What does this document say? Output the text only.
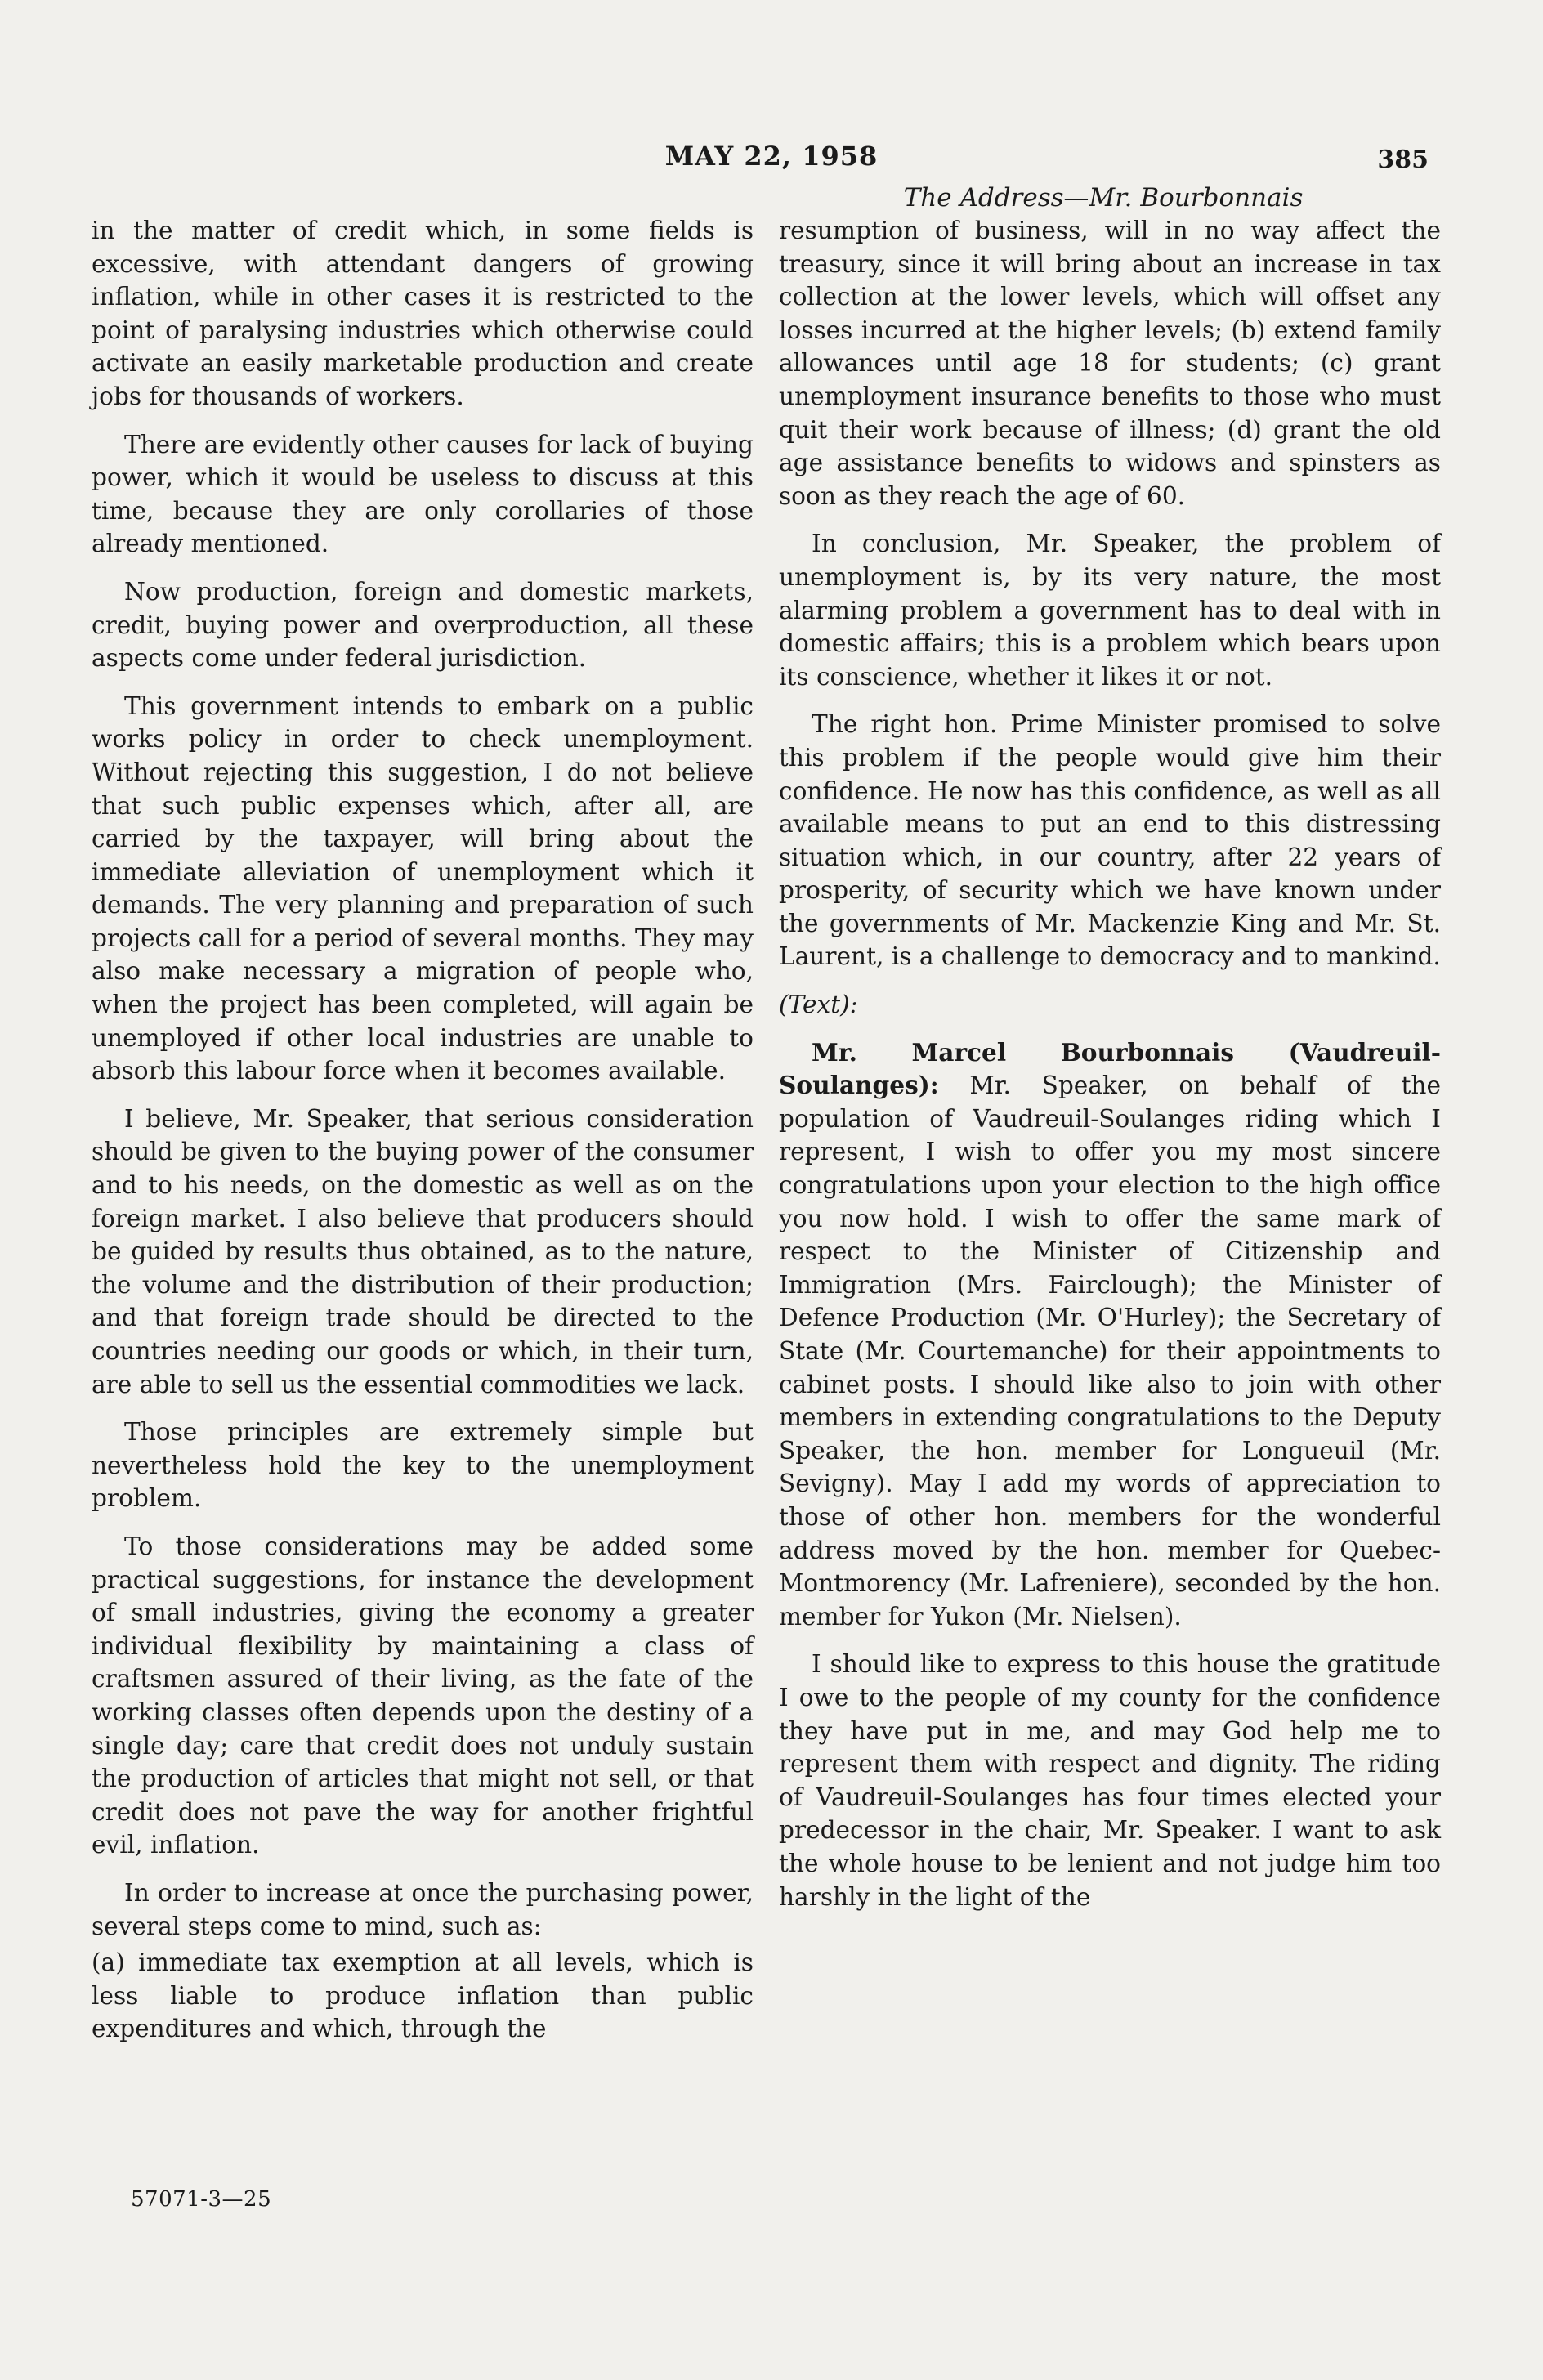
MAY 22, 1958	385
The Address—Mr. Bourbonnais

in the matter of credit which, in some fields is excessive, with attendant dangers of growing inflation, while in other cases it is restricted to the point of paralysing industries which otherwise could activate an easily marketable production and create jobs for thousands of workers.

There are evidently other causes for lack of buying power, which it would be useless to discuss at this time, because they are only corollaries of those already mentioned.

Now production, foreign and domestic markets, credit, buying power and overproduction, all these aspects come under federal jurisdiction.

This government intends to embark on a public works policy in order to check unemployment. Without rejecting this suggestion, I do not believe that such public expenses which, after all, are carried by the taxpayer, will bring about the immediate alleviation of unemployment which it demands. The very planning and preparation of such projects call for a period of several months. They may also make necessary a migration of people who, when the project has been completed, will again be unemployed if other local industries are unable to absorb this labour force when it becomes available.

I believe, Mr. Speaker, that serious consideration should be given to the buying power of the consumer and to his needs, on the domestic as well as on the foreign market. I also believe that producers should be guided by results thus obtained, as to the nature, the volume and the distribution of their production; and that foreign trade should be directed to the countries needing our goods or which, in their turn, are able to sell us the essential commodities we lack.

Those principles are extremely simple but nevertheless hold the key to the unemployment problem.

To those considerations may be added some practical suggestions, for instance the development of small industries, giving the economy a greater individual flexibility by maintaining a class of craftsmen assured of their living, as the fate of the working classes often depends upon the destiny of a single day; care that credit does not unduly sustain the production of articles that might not sell, or that credit does not pave the way for another frightful evil, inflation.

In order to increase at once the purchasing power, several steps come to mind, such as:

(a) immediate tax exemption at all levels, which is less liable to produce inflation than public expenditures and which, through the

resumption of business, will in no way affect the treasury, since it will bring about an increase in tax collection at the lower levels, which will offset any losses incurred at the higher levels; (b) extend family allowances until age 18 for students; (c) grant unemployment insurance benefits to those who must quit their work because of illness; (d) grant the old age assistance benefits to widows and spinsters as soon as they reach the age of 60.

In conclusion, Mr. Speaker, the problem of unemployment is, by its very nature, the most alarming problem a government has to deal with in domestic affairs; this is a problem which bears upon its conscience, whether it likes it or not.

The right hon. Prime Minister promised to solve this problem if the people would give him their confidence. He now has this confidence, as well as all available means to put an end to this distressing situation which, in our country, after 22 years of prosperity, of security which we have known under the governments of Mr. Mackenzie King and Mr. St. Laurent, is a challenge to democracy and to mankind.

(Text):

Mr. Marcel Bourbonnais (Vaudreuil-Soulanges): Mr. Speaker, on behalf of the population of Vaudreuil-Soulanges riding which I represent, I wish to offer you my most sincere congratulations upon your election to the high office you now hold. I wish to offer the same mark of respect to the Minister of Citizenship and Immigration (Mrs. Fairclough); the Minister of Defence Production (Mr. O'Hurley); the Secretary of State (Mr. Courtemanche) for their appointments to cabinet posts. I should like also to join with other members in extending congratulations to the Deputy Speaker, the hon. member for Longueuil (Mr. Sevigny). May I add my words of appreciation to those of other hon. members for the wonderful address moved by the hon. member for Quebec-Montmorency (Mr. Lafreniere), seconded by the hon. member for Yukon (Mr. Nielsen).

I should like to express to this house the gratitude I owe to the people of my county for the confidence they have put in me, and may God help me to represent them with respect and dignity. The riding of Vaudreuil-Soulanges has four times elected your predecessor in the chair, Mr. Speaker. I want to ask the whole house to be lenient and not judge him too harshly in the light of the

57071-3—25
